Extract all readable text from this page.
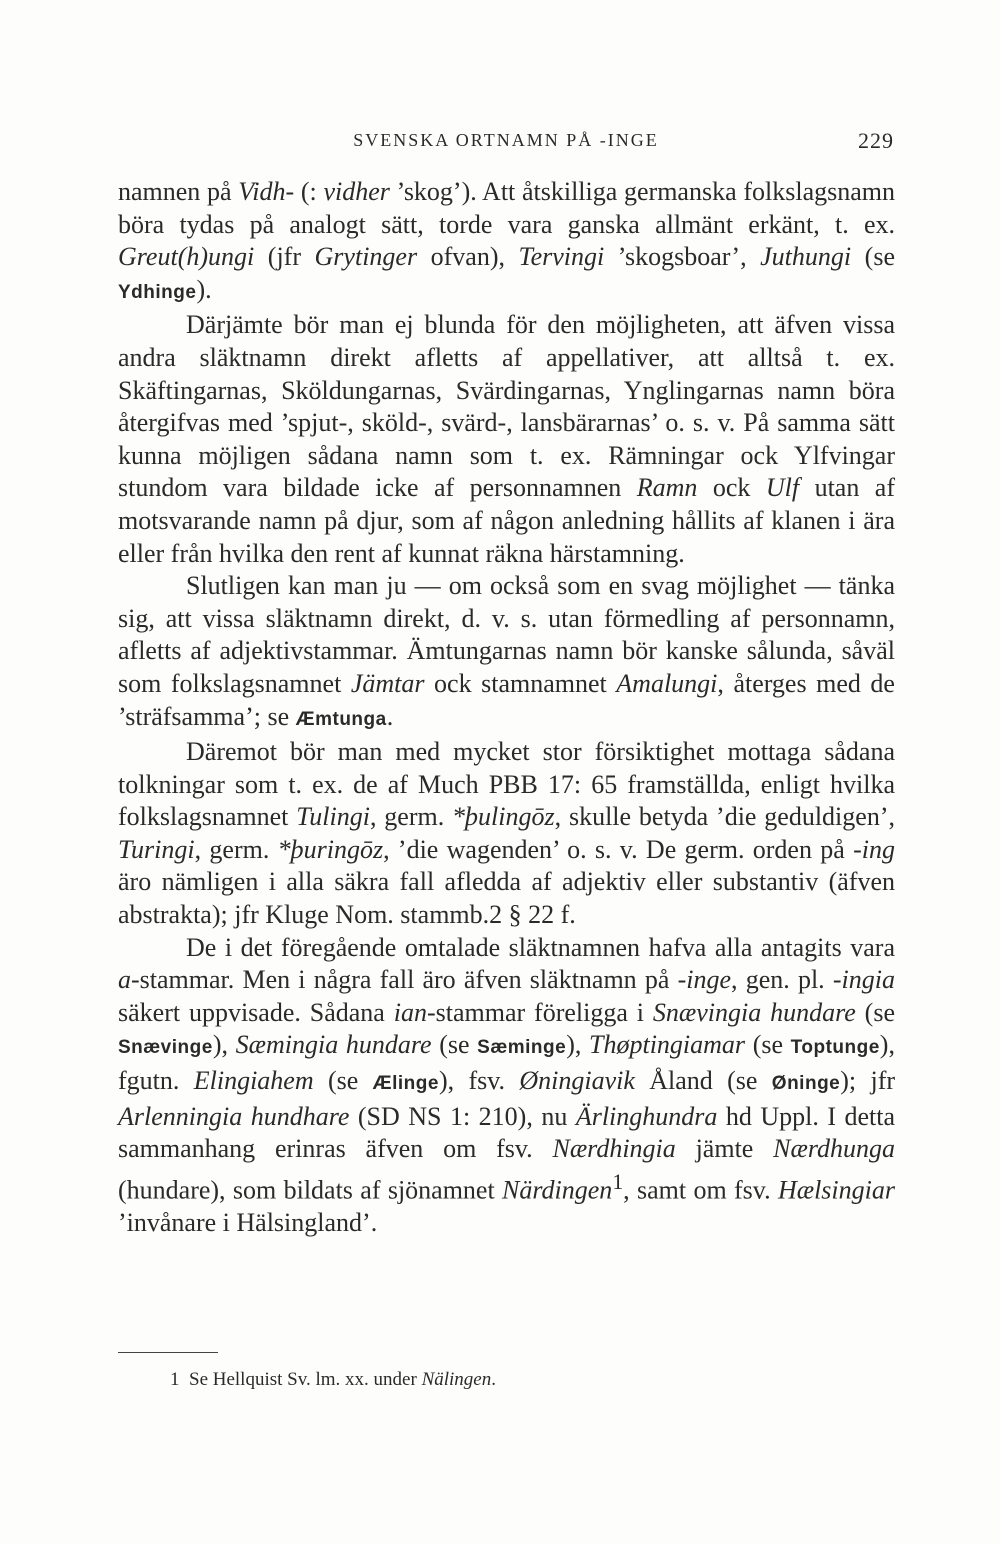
SVENSKA ORTNAMN PÅ -INGE	229

namnen på Vidh- (: vidher ’skog’). Att åtskilliga germanska folkslagsnamn böra tydas på analogt sätt, torde vara ganska allmänt erkänt, t. ex. Greut(h)ungi (jfr Grytinger ofvan), Tervingi ’skogsboar’, Juthungi (se Ydhinge).

Därjämte bör man ej blunda för den möjligheten, att äfven vissa andra släktnamn direkt afletts af appellativer, att alltså t. ex. Skäftingarnas, Sköldungarnas, Svärdingarnas, Ynglingarnas namn böra återgifvas med ’spjut-, sköld-, svärd-, lansbärarnas’ o. s. v. På samma sätt kunna möjligen sådana namn som t. ex. Rämningar ock Ylfvingar stundom vara bildade icke af personnamnen Ramn ock Ulf utan af motsvarande namn på djur, som af någon anledning hållits af klanen i ära eller från hvilka den rent af kunnat räkna härstamning.

Slutligen kan man ju — om också som en svag möjlighet — tänka sig, att vissa släktnamn direkt, d. v. s. utan förmedling af personnamn, afletts af adjektivstammar. Ämtungarnas namn bör kanske sålunda, såväl som folkslagsnamnet Jämtar ock stamnamnet Amalungi, återges med de ’sträfsamma’; se Æmtunga.

Däremot bör man med mycket stor försiktighet mottaga sådana tolkningar som t. ex. de af Much PBB 17: 65 framställda, enligt hvilka folkslagsnamnet Tulingi, germ. *þulingōz, skulle betyda ’die geduldigen’, Turingi, germ. *þuringōz, ’die wagenden’ o. s. v. De germ. orden på -ing äro nämligen i alla säkra fall afledda af adjektiv eller substantiv (äfven abstrakta); jfr Kluge Nom. stammb.2 § 22 f.

De i det föregående omtalade släktnamnen hafva alla antagits vara a-stammar. Men i några fall äro äfven släktnamn på -inge, gen. pl. -ingia säkert uppvisade. Sådana ian-stammar föreligga i Snævingia hundare (se Snævinge), Sæmingia hundare (se Sæminge), Thøptingiamar (se Toptunge), fgutn. Elingiahem (se Ælinge), fsv. Øningiavik Åland (se Øninge); jfr Arlenningia hundhare (SD NS 1: 210), nu Ärlinghundra hd Uppl. I detta sammanhang erinras äfven om fsv. Nærdhingia jämte Nærdhunga (hundare), som bildats af sjönamnet Närdingen$^1$, samt om fsv. Hælsingiar ’invånare i Hälsingland’.

1 Se Hellquist Sv. lm. xx. under Nälingen.
